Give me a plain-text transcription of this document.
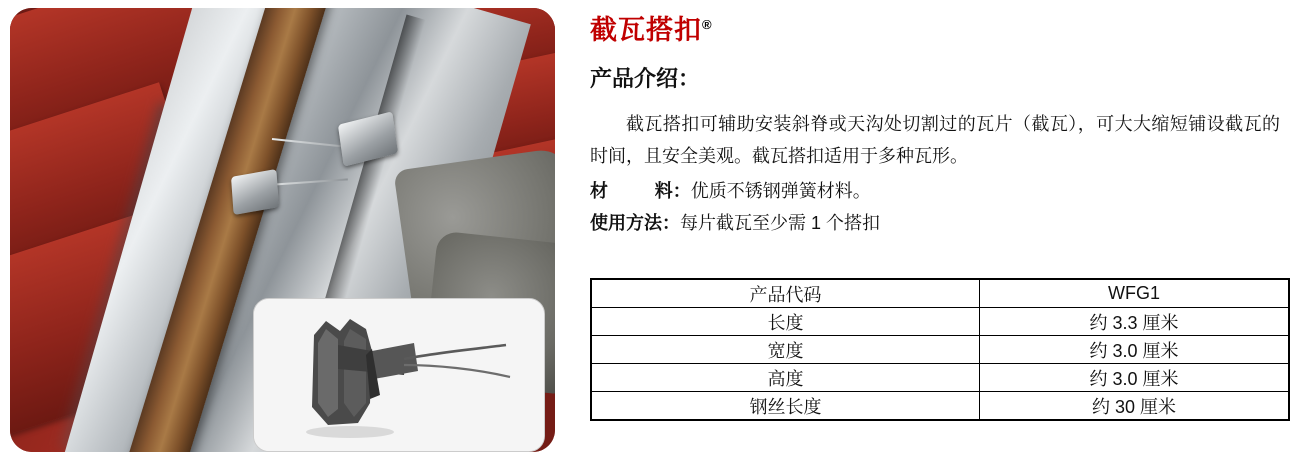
截瓦搭扣®
产品介绍：
截瓦搭扣可辅助安装斜脊或天沟处切割过的瓦片（截瓦），可大大缩短铺设截瓦的时间，且安全美观。截瓦搭扣适用于多种瓦形。
材	料：优质不锈钢弹簧材料。
使用方法：每片截瓦至少需 1 个搭扣
产品代码	WFG1
长度	约 3.3 厘米
宽度	约 3.0 厘米
高度	约 3.0 厘米
钢丝长度	约 30 厘米
